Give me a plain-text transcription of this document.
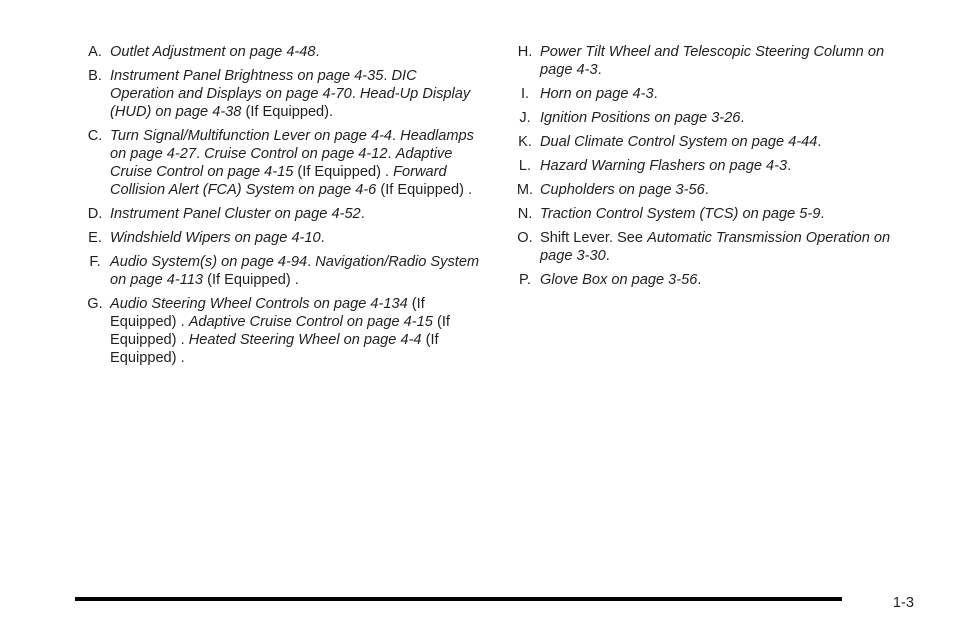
A. Outlet Adjustment on page 4-48.
B. Instrument Panel Brightness on page 4-35. DIC Operation and Displays on page 4-70. Head-Up Display (HUD) on page 4-38 (If Equipped).
C. Turn Signal/Multifunction Lever on page 4-4. Headlamps on page 4-27. Cruise Control on page 4-12. Adaptive Cruise Control on page 4-15 (If Equipped) . Forward Collision Alert (FCA) System on page 4-6 (If Equipped) .
D. Instrument Panel Cluster on page 4-52.
E. Windshield Wipers on page 4-10.
F. Audio System(s) on page 4-94. Navigation/Radio System on page 4-113 (If Equipped) .
G. Audio Steering Wheel Controls on page 4-134 (If Equipped) . Adaptive Cruise Control on page 4-15 (If Equipped) . Heated Steering Wheel on page 4-4 (If Equipped) .
H. Power Tilt Wheel and Telescopic Steering Column on page 4-3.
I. Horn on page 4-3.
J. Ignition Positions on page 3-26.
K. Dual Climate Control System on page 4-44.
L. Hazard Warning Flashers on page 4-3.
M. Cupholders on page 3-56.
N. Traction Control System (TCS) on page 5-9.
O. Shift Lever. See Automatic Transmission Operation on page 3-30.
P. Glove Box on page 3-56.
1-3
